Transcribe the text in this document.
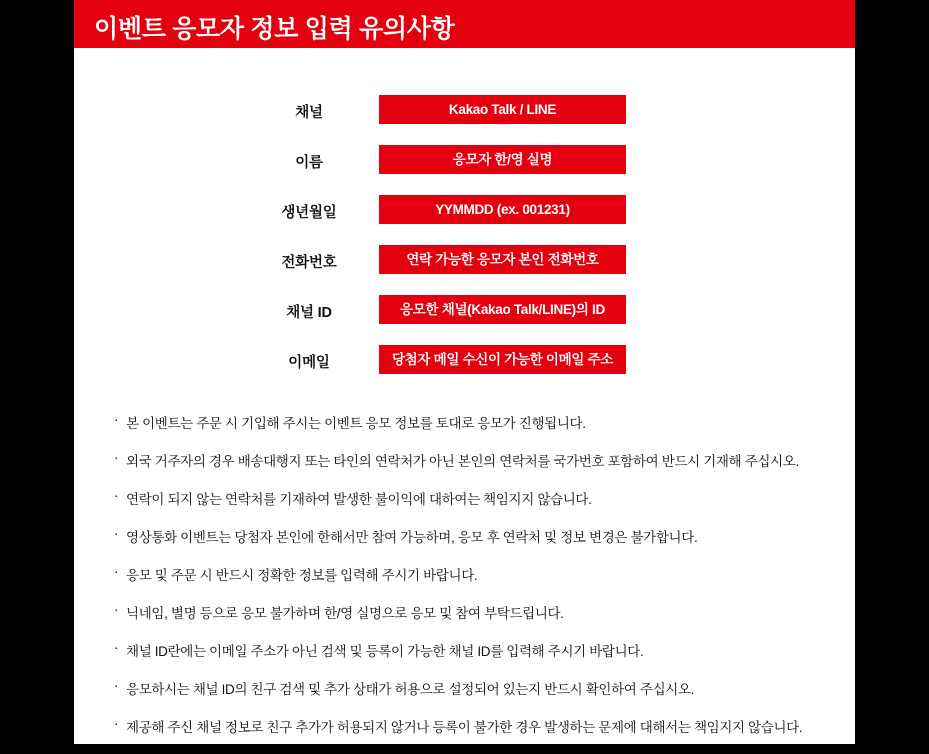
이벤트 응모자 정보 입력 유의사항
채널	Kakao Talk / LINE
이름	응모자 한/영 실명
생년월일	YYMMDD (ex. 001231)
전화번호	연락 가능한 응모자 본인 전화번호
채널 ID	응모한 채널(Kakao Talk/LINE)의 ID
이메일	당첨자 메일 수신이 가능한 이메일 주소
· 본 이벤트는 주문 시 기입해 주시는 이벤트 응모 정보를 토대로 응모가 진행됩니다.
· 외국 거주자의 경우 배송대행지 또는 타인의 연락처가 아닌 본인의 연락처를 국가번호 포함하여 반드시 기재해 주십시오.
· 연락이 되지 않는 연락처를 기재하여 발생한 불이익에 대하여는 책임지지 않습니다.
· 영상통화 이벤트는 당첨자 본인에 한해서만 참여 가능하며, 응모 후 연락처 및 정보 변경은 불가합니다.
· 응모 및 주문 시 반드시 정확한 정보를 입력해 주시기 바랍니다.
· 닉네임, 별명 등으로 응모 불가하며 한/영 실명으로 응모 및 참여 부탁드립니다.
· 채널 ID란에는 이메일 주소가 아닌 검색 및 등록이 가능한 채널 ID를 입력해 주시기 바랍니다.
· 응모하시는 채널 ID의 친구 검색 및 추가 상태가 허용으로 설정되어 있는지 반드시 확인하여 주십시오.
· 제공해 주신 채널 정보로 친구 추가가 허용되지 않거나 등록이 불가한 경우 발생하는 문제에 대해서는 책임지지 않습니다.
